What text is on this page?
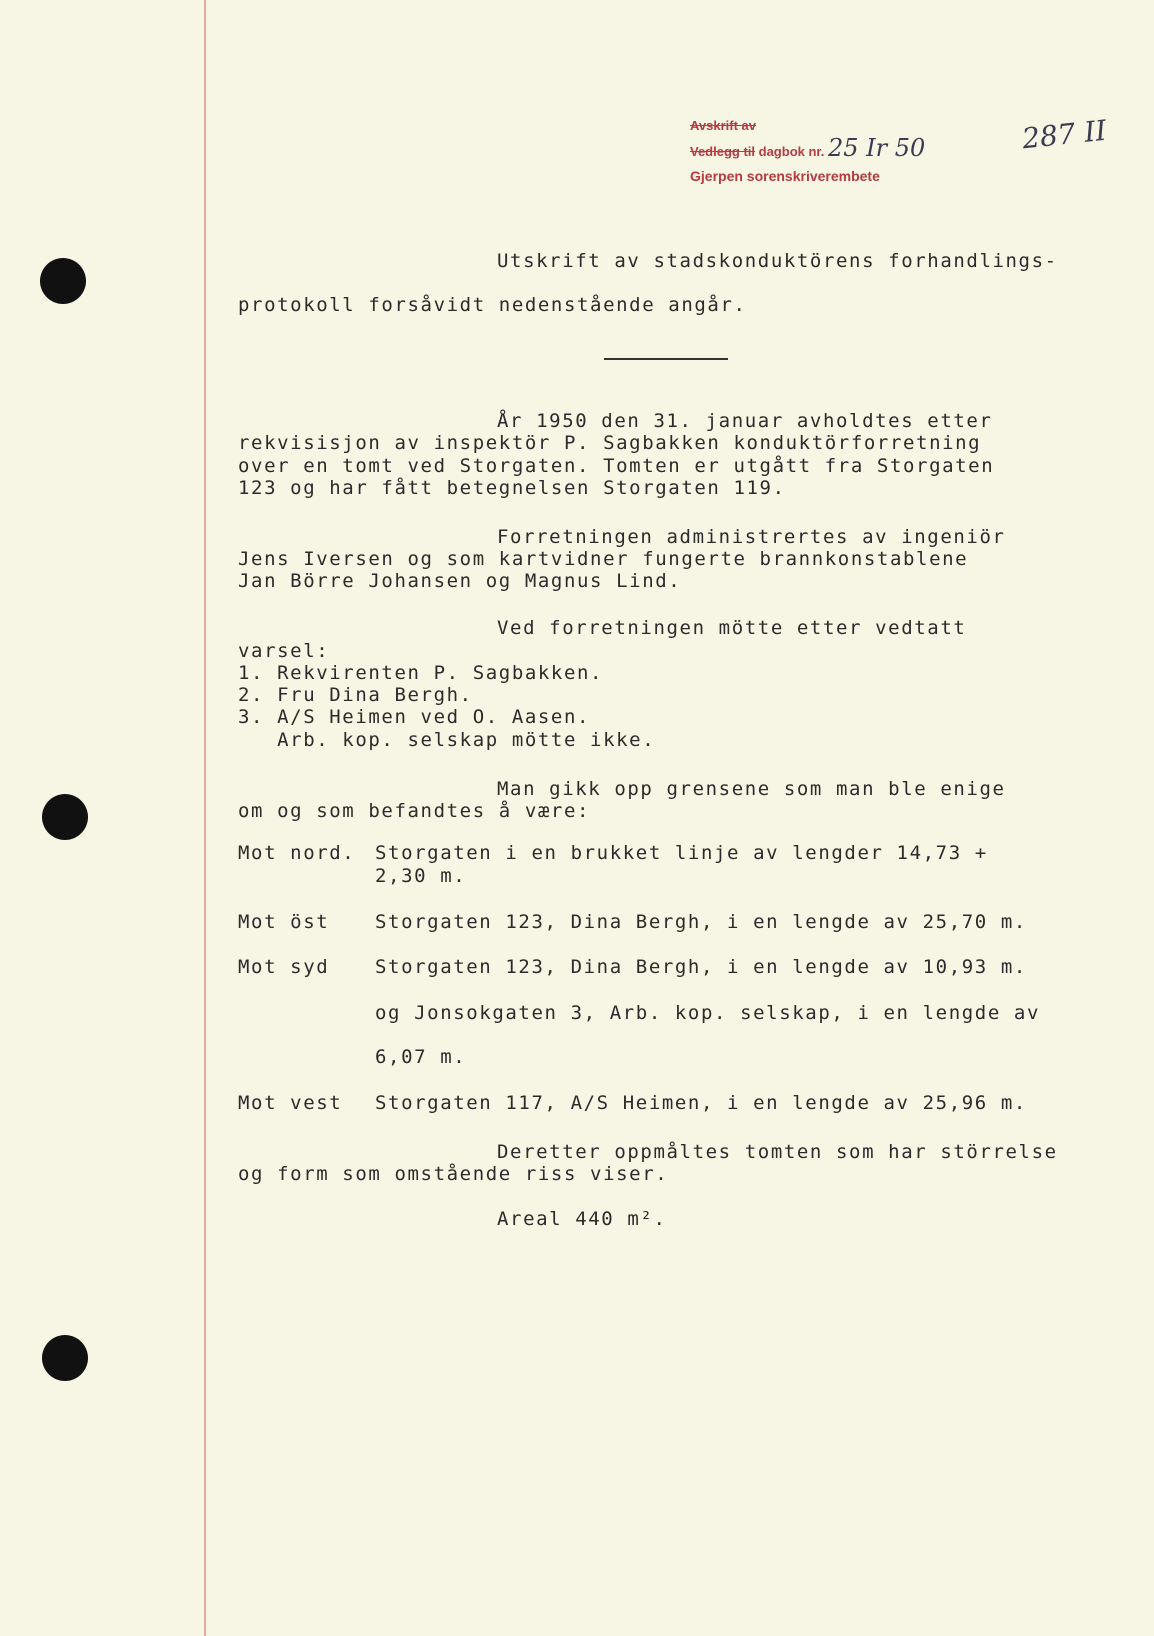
Avskrift av
Vedlegg til dagbok nr. 25 Ir 50
Gjerpen sorenskriverembete
287 II
Utskrift av stadskonduktörens forhandlings-
protokoll forsåvidt nedenstående angår.
År 1950 den 31. januar avholdtes etter
rekvisisjon av inspektör P. Sagbakken konduktörforretning
over en tomt ved Storgaten. Tomten er utgått fra Storgaten
123 og har fått betegnelsen Storgaten 119.
Forretningen administrertes av ingeniör
Jens Iversen og som kartvidner fungerte brannkonstablene
Jan Börre Johansen og Magnus Lind.
Ved forretningen mötte etter vedtatt
varsel:
1. Rekvirenten P. Sagbakken.
2. Fru Dina Bergh.
3. A/S Heimen ved O. Aasen.
Arb. kop. selskap mötte ikke.
Man gikk opp grensene som man ble enige
om og som befandtes å være:
Mot nord. Storgaten i en brukket linje av lengder 14,73 +
2,30 m.
Mot öst Storgaten 123, Dina Bergh, i en lengde av 25,70 m.
Mot syd Storgaten 123, Dina Bergh, i en lengde av 10,93 m.
og Jonsokgaten 3, Arb. kop. selskap, i en lengde av
6,07 m.
Mot vest Storgaten 117, A/S Heimen, i en lengde av 25,96 m.
Deretter oppmåltes tomten som har störrelse
og form som omstående riss viser.
Areal 440 m².
